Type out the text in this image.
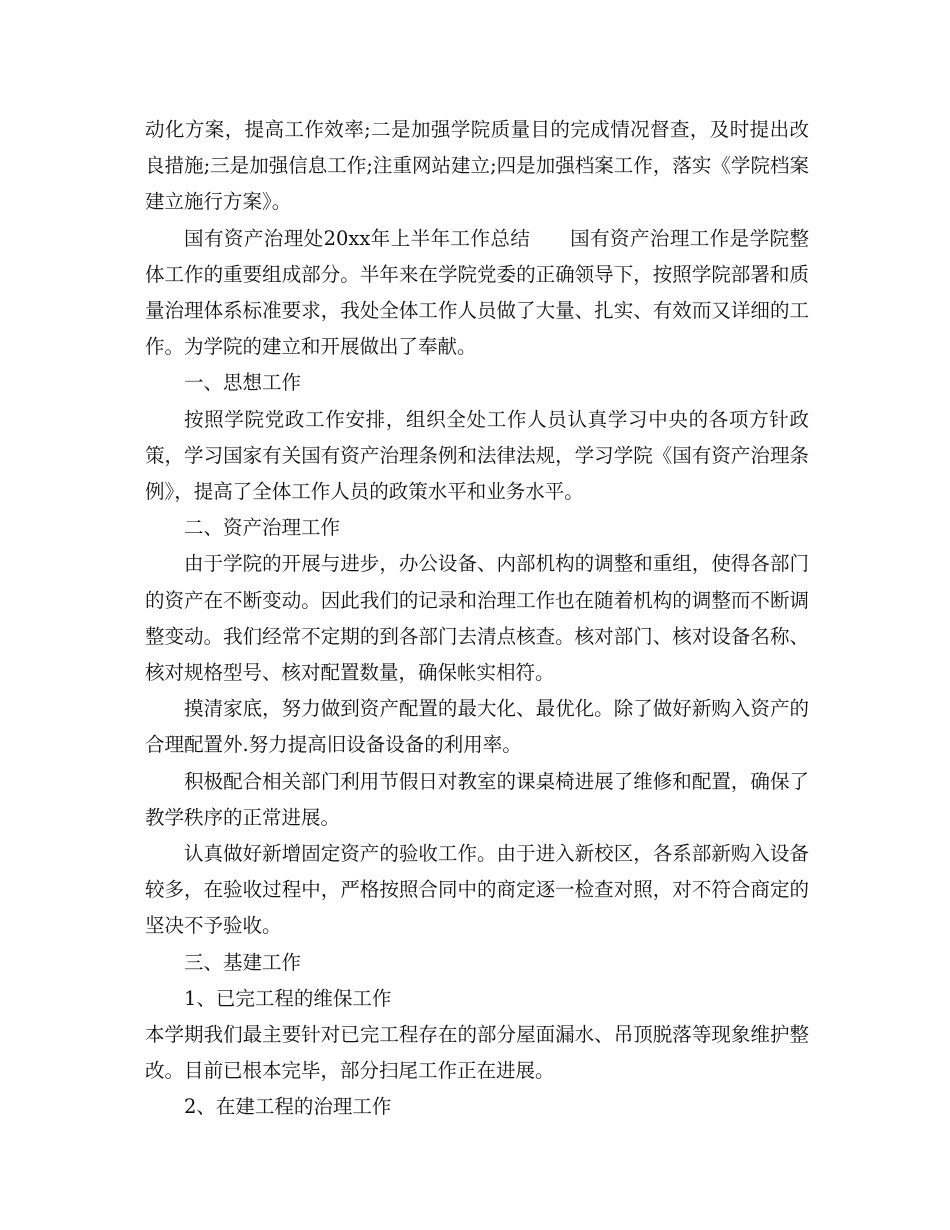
动化方案，提高工作效率;二是加强学院质量目的完成情况督查，及时提出改良措施;三是加强信息工作;注重网站建立;四是加强档案工作，落实《学院档案建立施行方案》。

国有资产治理处20xx年上半年工作总结　　国有资产治理工作是学院整体工作的重要组成部分。半年来在学院党委的正确领导下，按照学院部署和质量治理体系标准要求，我处全体工作人员做了大量、扎实、有效而又详细的工作。为学院的建立和开展做出了奉献。

一、思想工作

按照学院党政工作安排，组织全处工作人员认真学习中央的各项方针政策，学习国家有关国有资产治理条例和法律法规，学习学院《国有资产治理条例》，提高了全体工作人员的政策水平和业务水平。

二、资产治理工作

由于学院的开展与进步，办公设备、内部机构的调整和重组，使得各部门的资产在不断变动。因此我们的记录和治理工作也在随着机构的调整而不断调整变动。我们经常不定期的到各部门去清点核查。核对部门、核对设备名称、核对规格型号、核对配置数量，确保帐实相符。

摸清家底，努力做到资产配置的最大化、最优化。除了做好新购入资产的合理配置外.努力提高旧设备设备的利用率。

积极配合相关部门利用节假日对教室的课桌椅进展了维修和配置，确保了教学秩序的正常进展。

认真做好新增固定资产的验收工作。由于进入新校区，各系部新购入设备较多，在验收过程中，严格按照合同中的商定逐一检查对照，对不符合商定的坚决不予验收。

三、基建工作

1、已完工程的维保工作

本学期我们最主要针对已完工程存在的部分屋面漏水、吊顶脱落等现象维护整改。目前已根本完毕，部分扫尾工作正在进展。

2、在建工程的治理工作
